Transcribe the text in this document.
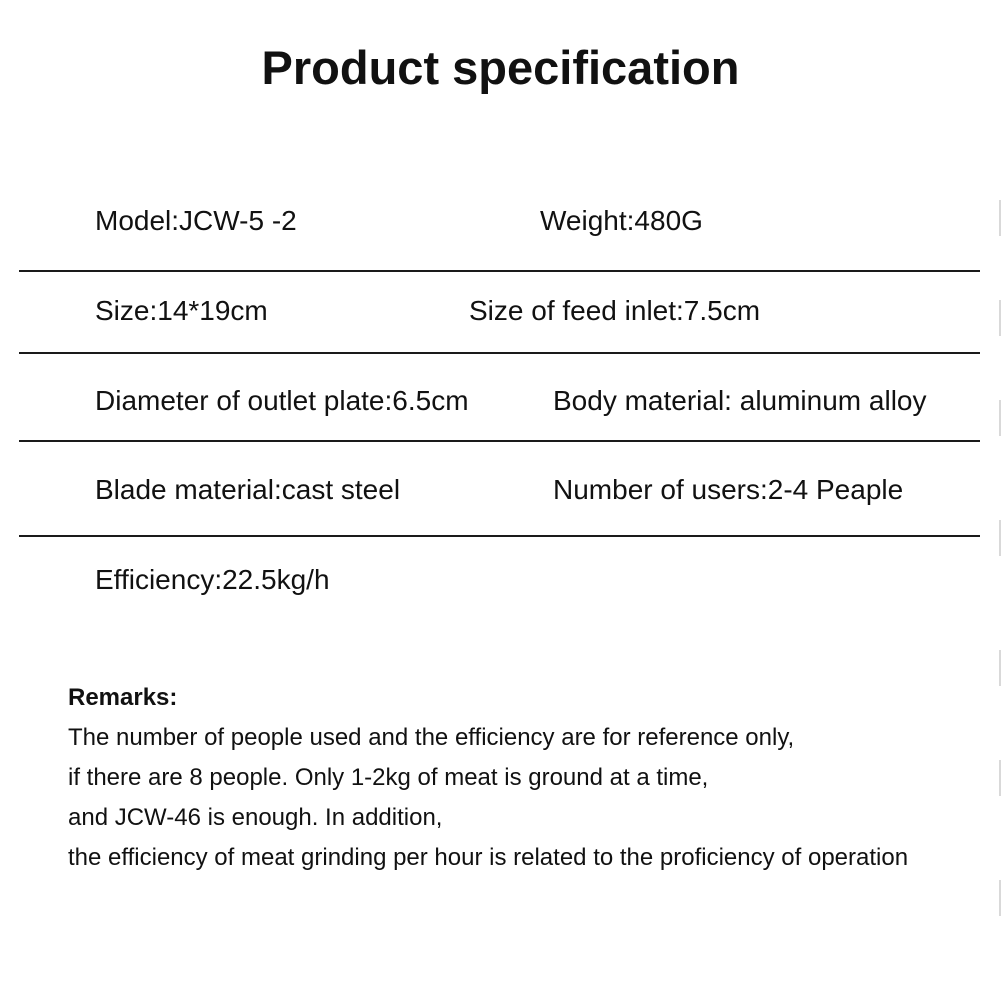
Product specification
Model:JCW-5 -2	Weight:480G
Size:14*19cm	Size of feed inlet:7.5cm
Diameter of outlet plate:6.5cm	Body material: aluminum alloy
Blade material:cast steel	Number of users:2-4 Peaple
Efficiency:22.5kg/h
Remarks:
The number of people used and the efficiency are for reference only,
if there are 8 people. Only 1-2kg of meat is ground at a time,
and JCW-46 is enough. In addition,
the efficiency of meat grinding per hour is related to the proficiency of operation
